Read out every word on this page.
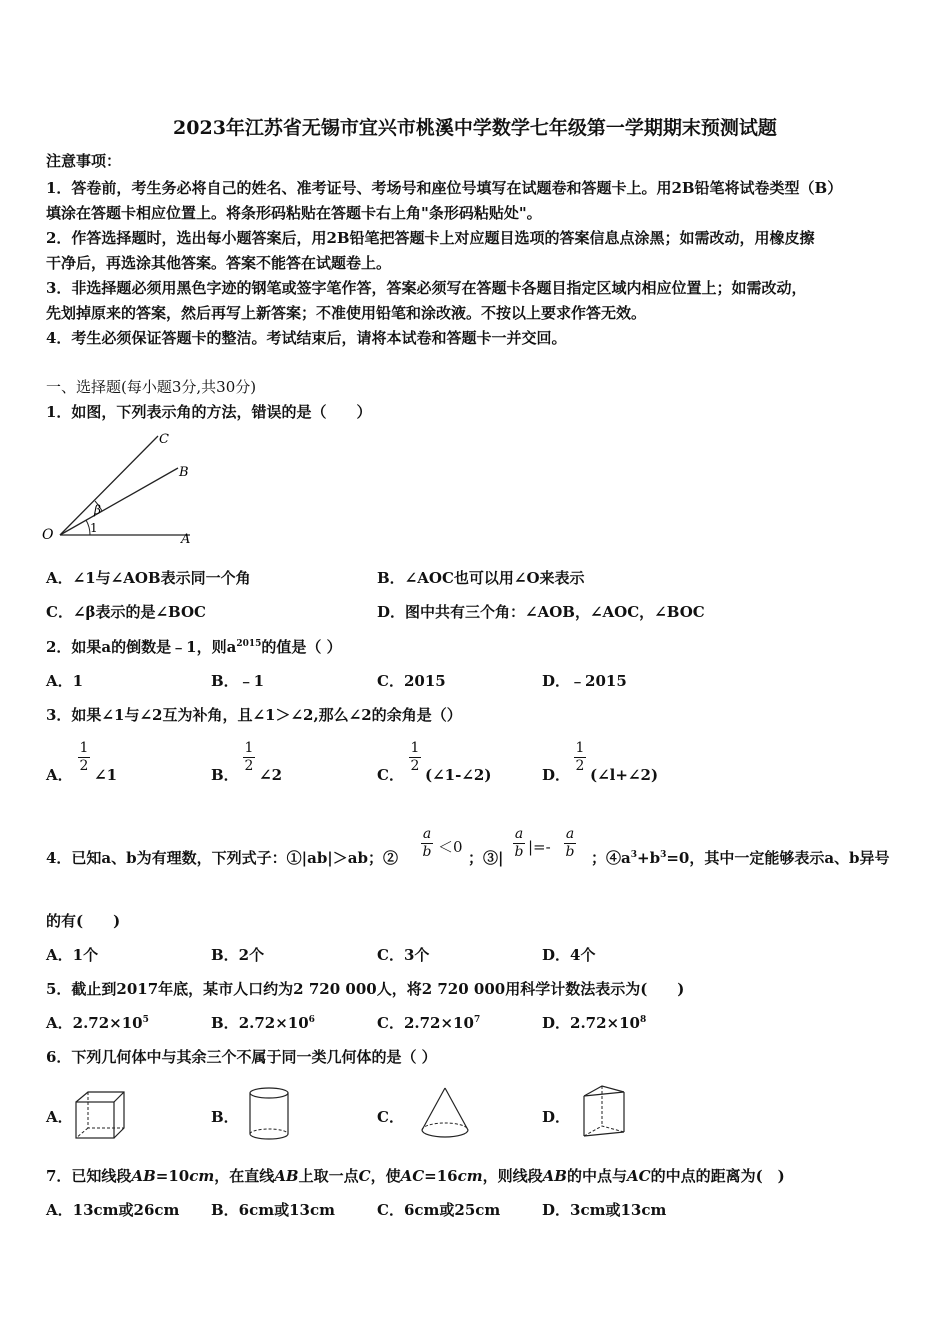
2023年江苏省无锡市宜兴市桃溪中学数学七年级第一学期期末预测试题
注意事项：
1．答卷前，考生务必将自己的姓名、准考证号、考场号和座位号填写在试题卷和答题卡上。用2B铅笔将试卷类型（B）
填涂在答题卡相应位置上。将条形码粘贴在答题卡右上角"条形码粘贴处"。
2．作答选择题时，选出每小题答案后，用2B铅笔把答题卡上对应题目选项的答案信息点涂黑；如需改动，用橡皮擦
干净后，再选涂其他答案。答案不能答在试题卷上。
3．非选择题必须用黑色字迹的钢笔或签字笔作答，答案必须写在答题卡各题目指定区域内相应位置上；如需改动，
先划掉原来的答案，然后再写上新答案；不准使用铅笔和涂改液。不按以上要求作答无效。
4．考生必须保证答题卡的整洁。考试结束后，请将本试卷和答题卡一并交回。
一、选择题(每小题3分,共30分)
1．如图，下列表示角的方法，错误的是（　　）
O	A
B
C
β
1
A．∠1与∠AOB表示同一个角	B．∠AOC也可以用∠O来表示
C．∠β表示的是∠BOC	D．图中共有三个角：∠AOB，∠AOC，∠BOC
2．如果a的倒数是﹣1，则$a^{2015}$的值是（ ）
A．1	B．﹣1	C．2015	D．﹣2015
3．如果∠1与∠2互为补角，且∠1＞∠2,那么∠2的余角是（）
A．
1
2 ∠1	B．
1
2 ∠2	C．
1
2 (∠1-∠2)	D．
1
2 (∠l+∠2)
4．已知a、b为有理数，下列式子：①|ab|＞ab；②
a
b ＜0
；③|
a
b |=-
a
b ；$④a^3+b^3=0$，其中一定能够表示a、b异号
的有(　　)
A．1个	B．2个	C．3个	D．4个
5．截止到2017年底，某市人口约为2 720 000人，将2 720 000用科学计数法表示为(　　)
A．$2.72\times 10^5$	B．$2.72\times 10^6$	C．$2.72\times 10^7$	D．$2.72\times 10^8$
6．下列几何体中与其余三个不属于同一类几何体的是（ ）
A．	B．	C．	D．
7．已知线段AB=10cm，在直线AB上取一点C，使AC=16cm，则线段AB的中点与AC的中点的距离为(　)
A．13cm或26cm B．6cm或13cm	C．6cm或25cm	D．3cm或13cm
